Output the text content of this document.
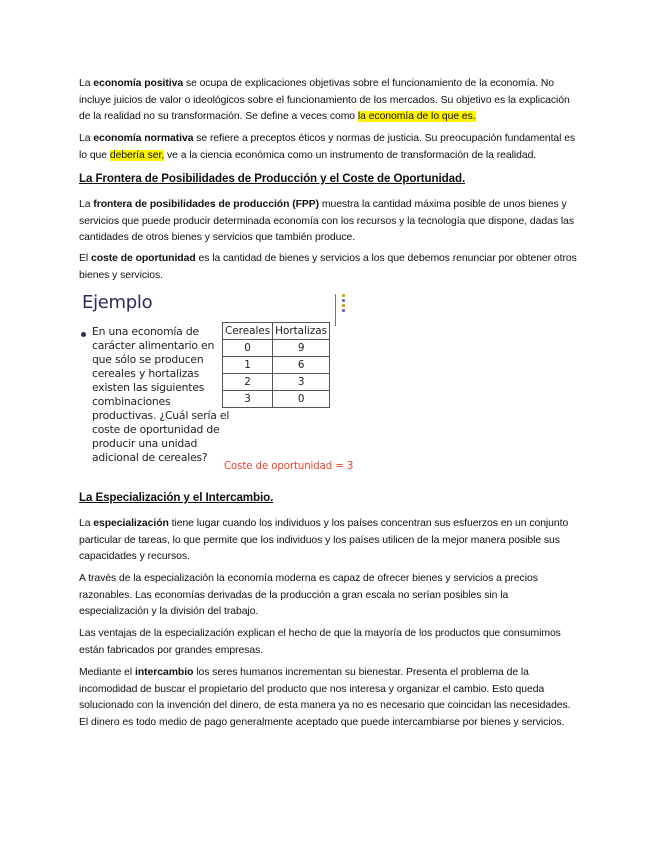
La economía positiva se ocupa de explicaciones objetivas sobre el funcionamiento de la economía. No incluye juicios de valor o ideológicos sobre el funcionamiento de los mercados. Su objetivo es la explicación de la realidad no su transformación. Se define a veces como la economía de lo que es.

La economía normativa se refiere a preceptos éticos y normas de justicia. Su preocupación fundamental es lo que debería ser, ve a la ciencia económica como un instrumento de transformación de la realidad.

La Frontera de Posibilidades de Producción y el Coste de Oportunidad.

La frontera de posibilidades de producción (FPP) muestra la cantidad máxima posible de unos bienes y servicios que puede producir determinada economía con los recursos y la tecnología que dispone, dadas las cantidades de otros bienes y servicios que también produce.

El coste de oportunidad es la cantidad de bienes y servicios a los que debemos renunciar por obtener otros bienes y servicios.

Ejemplo
En una economía de carácter alimentario en que sólo se producen cereales y hortalizas existen las siguientes combinaciones productivas. ¿Cuál sería el coste de oportunidad de producir una unidad adicional de cereales?
Cereales	Hortalizas
0	9
1	6
2	3
3	0
Coste de oportunidad = 3
La Especialización y el Intercambio.

La especialización tiene lugar cuando los individuos y los países concentran sus esfuerzos en un conjunto particular de tareas, lo que permite que los individuos y los países utilicen de la mejor manera posible sus capacidades y recursos.

A través de la especialización la economía moderna es capaz de ofrecer bienes y servicios a precios razonables. Las economías derivadas de la producción a gran escala no serían posibles sin la especialización y la división del trabajo.

Las ventajas de la especialización explican el hecho de que la mayoría de los productos que consumimos están fabricados por grandes empresas.

Mediante el intercambio los seres humanos incrementan su bienestar. Presenta el problema de la incomodidad de buscar el propietario del producto que nos interesa y organizar el cambio. Esto queda solucionado con la invención del dinero, de esta manera ya no es necesario que coincidan las necesidades. El dinero es todo medio de pago generalmente aceptado que puede intercambiarse por bienes y servicios.
